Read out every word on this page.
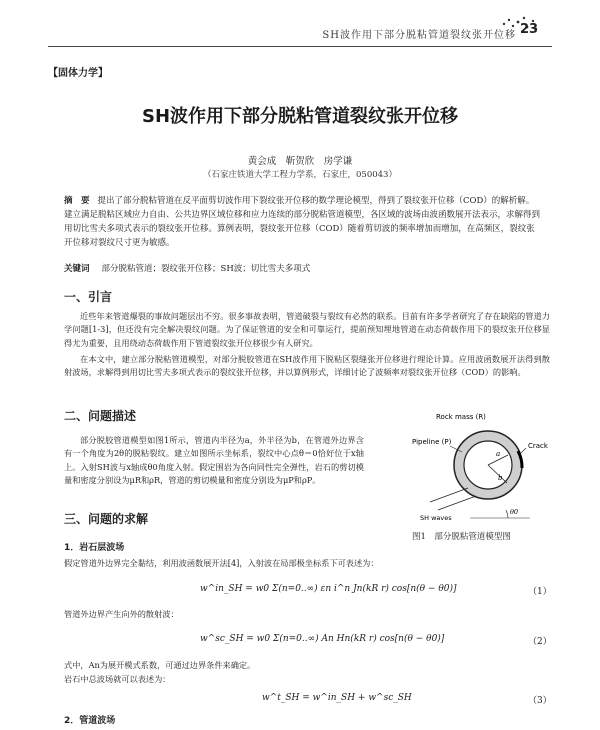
SH波作用下部分脱粘管道裂纹张开位移 23
【固体力学】
SH波作用下部分脱粘管道裂纹张开位移
黄会成　靳贺欣　房学谦
（石家庄铁道大学工程力学系，石家庄，050043）
摘　要 提出了部分脱粘管道在反平面剪切波作用下裂纹张开位移的数学理论模型，得到了裂纹张开位移（COD）的解析解。建立满足脱粘区域应力自由、公共边界区域位移和应力连续的部分脱粘管道模型，各区域的波场由波函数展开法表示，求解得到用切比雪夫多项式表示的裂纹张开位移。算例表明，裂纹张开位移（COD）随着剪切波的频率增加而增加，在高频区，裂纹张开位移对裂纹尺寸更为敏感。
关键词 部分脱粘管道；裂纹张开位移；SH波；切比雪夫多项式
一、引言
近些年来管道爆裂的事故问题层出不穷。很多事故表明，管道破裂与裂纹有必然的联系。目前有许多学者研究了存在缺陷的管道力学问题[1-3]，但还没有完全解决裂纹问题。为了保证管道的安全和可靠运行，提前预知埋地管道在动态荷载作用下的裂纹张开位移显得尤为重要，且用绕动态荷载作用下管道裂纹张开位移很少有人研究。
在本文中，建立部分脱粘管道模型，对部分脱胶管道在SH波作用下脱粘区裂缝张开位移进行理论计算。应用波函数展开法得到散射波场，求解得到用切比雪夫多项式表示的裂纹张开位移，并以算例形式，详细讨论了波频率对裂纹张开位移（COD）的影响。
二、问题描述
部分脱胶管道模型如图1所示，管道内半径为a，外半径为b，在管道外边界含有一个角度为2θ的脱粘裂纹。建立如图所示坐标系，裂纹中心点θ＝0恰好位于x轴上。入射SH波与x轴成θ0角度入射。假定围岩为各向同性完全弹性，岩石的剪切模量和密度分别设为μR和ρR，管道的剪切模量和密度分别设为μP和ρP。
Rock mass (R)
Pipeline (P)	Crack
a
b
θ0
SH waves
图1　部分脱粘管道模型图
三、问题的求解
1．岩石层波场
假定管道外边界完全黏结，利用波函数展开法[4]，入射波在局部极坐标系下可表述为：
w^in_SH = w0 Σ(n=0..∞) εn i^n Jn(kR r) cos[n(θ − θ0)]	（1）
管道外边界产生向外的散射波：
w^sc_SH = w0 Σ(n=0..∞) An Hn(kR r) cos[n(θ − θ0)]	（2）
式中，An为展开模式系数，可通过边界条件来确定。
岩石中总波场就可以表述为：
w^t_SH = w^in_SH + w^sc_SH	（3）
2．管道波场
